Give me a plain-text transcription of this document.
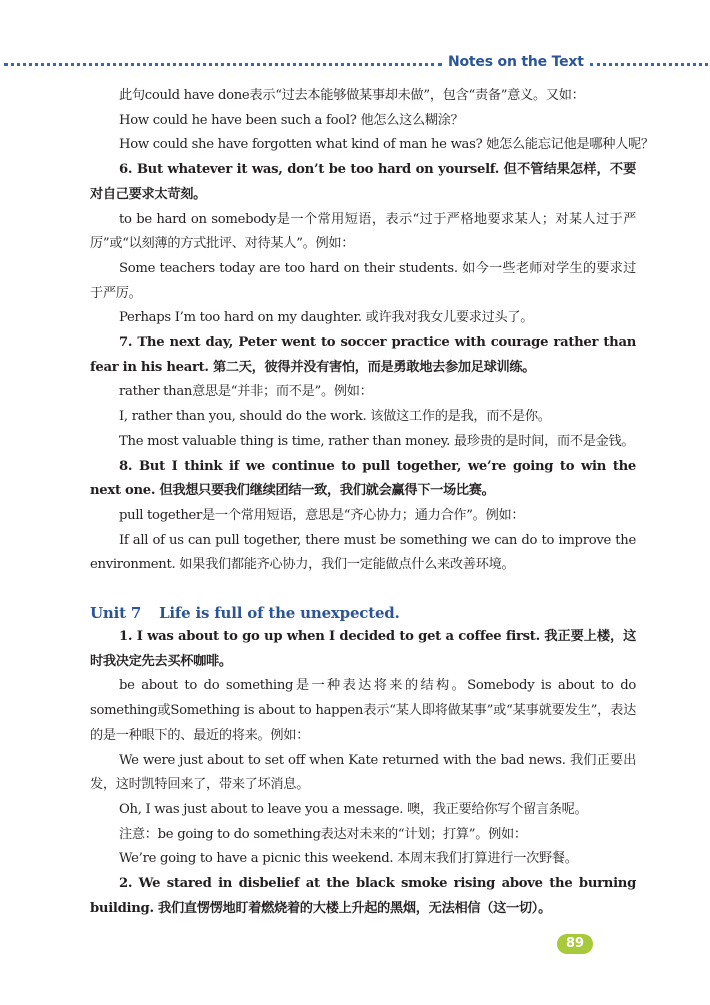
Notes on the Text

此句could have done表示“过去本能够做某事却未做”，包含“责备”意义。又如：

How could he have been such a fool? 他怎么这么糊涂？

How could she have forgotten what kind of man he was? 她怎么能忘记他是哪种人呢？

6. But whatever it was, don’t be too hard on yourself. 但不管结果怎样，不要对自己要求太苛刻。

to be hard on somebody是一个常用短语，表示“过于严格地要求某人；对某人过于严厉”或“以刻薄的方式批评、对待某人”。例如：

Some teachers today are too hard on their students. 如今一些老师对学生的要求过于严厉。

Perhaps I’m too hard on my daughter. 或许我对我女儿要求过头了。

7. The next day, Peter went to soccer practice with courage rather than fear in his heart. 第二天，彼得并没有害怕，而是勇敢地去参加足球训练。

rather than意思是“并非；而不是”。例如：

I, rather than you, should do the work. 该做这工作的是我，而不是你。

The most valuable thing is time, rather than money. 最珍贵的是时间，而不是金钱。

8. But I think if we continue to pull together, we’re going to win the next one. 但我想只要我们继续团结一致，我们就会赢得下一场比赛。

pull together是一个常用短语，意思是“齐心协力；通力合作”。例如：

If all of us can pull together, there must be something we can do to improve the environment. 如果我们都能齐心协力，我们一定能做点什么来改善环境。

Unit 7 Life is full of the unexpected.

1. I was about to go up when I decided to get a coffee first. 我正要上楼，这时我决定先去买杯咖啡。

be about to do something是一种表达将来的结构。Somebody is about to do something或Something is about to happen表示“某人即将做某事”或“某事就要发生”，表达的是一种眼下的、最近的将来。例如：

We were just about to set off when Kate returned with the bad news. 我们正要出发，这时凯特回来了，带来了坏消息。

Oh, I was just about to leave you a message. 噢，我正要给你写个留言条呢。

注意：be going to do something表达对未来的“计划；打算”。例如：

We’re going to have a picnic this weekend. 本周末我们打算进行一次野餐。

2. We stared in disbelief at the black smoke rising above the burning building. 我们直愣愣地盯着燃烧着的大楼上升起的黑烟，无法相信（这一切）。

89
